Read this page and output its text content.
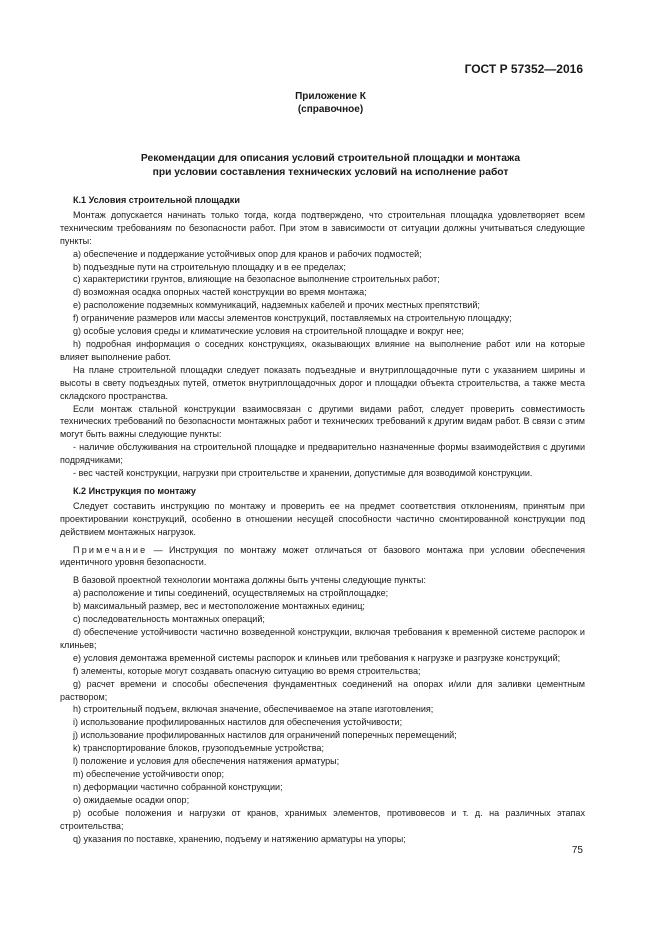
ГОСТ Р 57352—2016
Приложение К
(справочное)
Рекомендации для описания условий строительной площадки и монтажа
при условии составления технических условий на исполнение работ

К.1 Условия строительной площадки

Монтаж допускается начинать только тогда, когда подтверждено, что строительная площадка удовлетворяет всем техническим требованиям по безопасности работ. При этом в зависимости от ситуации должны учитываться следующие пункты:

a) обеспечение и поддержание устойчивых опор для кранов и рабочих подмостей;

b) подъездные пути на строительную площадку и в ее пределах;

c) характеристики грунтов, влияющие на безопасное выполнение строительных работ;

d) возможная осадка опорных частей конструкции во время монтажа;

e) расположение подземных коммуникаций, надземных кабелей и прочих местных препятствий;

f) ограничение размеров или массы элементов конструкций, поставляемых на строительную площадку;

g) особые условия среды и климатические условия на строительной площадке и вокруг нее;

h) подробная информация о соседних конструкциях, оказывающих влияние на выполнение работ или на которые влияет выполнение работ.

На плане строительной площадки следует показать подъездные и внутриплощадочные пути с указанием ширины и высоты в свету подъездных путей, отметок внутриплощадочных дорог и площадки объекта строительства, а также места складского пространства.

Если монтаж стальной конструкции взаимосвязан с другими видами работ, следует проверить совместимость технических требований по безопасности монтажных работ и технических требований к другим видам работ. В связи с этим могут быть важны следующие пункты:

- наличие обслуживания на строительной площадке и предварительно назначенные формы взаимодействия с другими подрядчиками;

- вес частей конструкции, нагрузки при строительстве и хранении, допустимые для возводимой конструкции.

К.2 Инструкция по монтажу

Следует составить инструкцию по монтажу и проверить ее на предмет соответствия отклонениям, принятым при проектировании конструкций, особенно в отношении несущей способности частично смонтированной конструкции под действием монтажных нагрузок.

Примечание — Инструкция по монтажу может отличаться от базового монтажа при условии обеспечения идентичного уровня безопасности.

В базовой проектной технологии монтажа должны быть учтены следующие пункты:

a) расположение и типы соединений, осуществляемых на стройплощадке;

b) максимальный размер, вес и местоположение монтажных единиц;

c) последовательность монтажных операций;

d) обеспечение устойчивости частично возведенной конструкции, включая требования к временной системе распорок и клиньев;

e) условия демонтажа временной системы распорок и клиньев или требования к нагрузке и разгрузке конструкций;

f) элементы, которые могут создавать опасную ситуацию во время строительства;

g) расчет времени и способы обеспечения фундаментных соединений на опорах и/или для заливки цементным раствором;

h) строительный подъем, включая значение, обеспечиваемое на этапе изготовления;

i) использование профилированных настилов для обеспечения устойчивости;

j) использование профилированных настилов для ограничений поперечных перемещений;

k) транспортирование блоков, грузоподъемные устройства;

l) положение и условия для обеспечения натяжения арматуры;

m) обеспечение устойчивости опор;

n) деформации частично собранной конструкции;

o) ожидаемые осадки опор;

p) особые положения и нагрузки от кранов, хранимых элементов, противовесов и т. д. на различных этапах строительства;

q) указания по поставке, хранению, подъему и натяжению арматуры на упоры;

75
